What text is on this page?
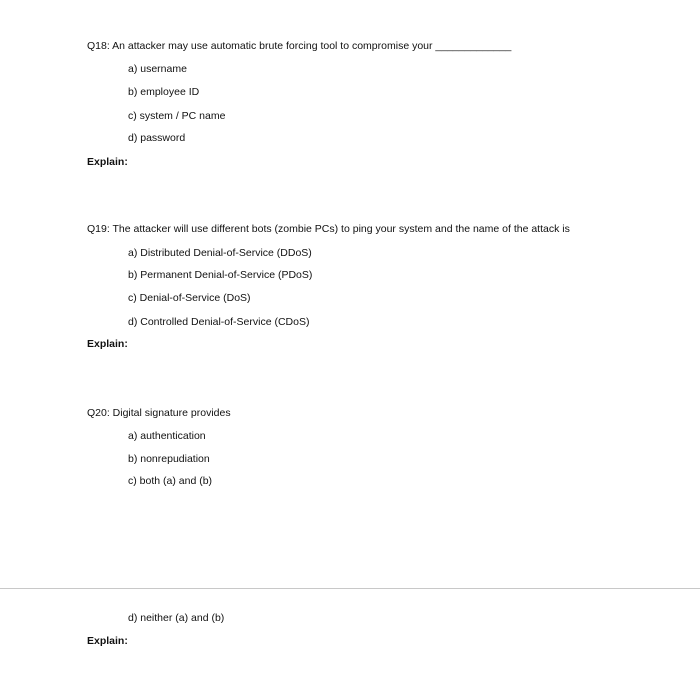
Q18: An attacker may use automatic brute forcing tool to compromise your _____________

a) username

b) employee ID

c) system / PC name

d) password

Explain:

Q19: The attacker will use different bots (zombie PCs) to ping your system and the name of the attack is

a) Distributed Denial-of-Service (DDoS)

b) Permanent Denial-of-Service (PDoS)

c) Denial-of-Service (DoS)

d) Controlled Denial-of-Service (CDoS)

Explain:

Q20: Digital signature provides

a) authentication

b) nonrepudiation

c) both (a) and (b)

d) neither (a) and (b)

Explain:
